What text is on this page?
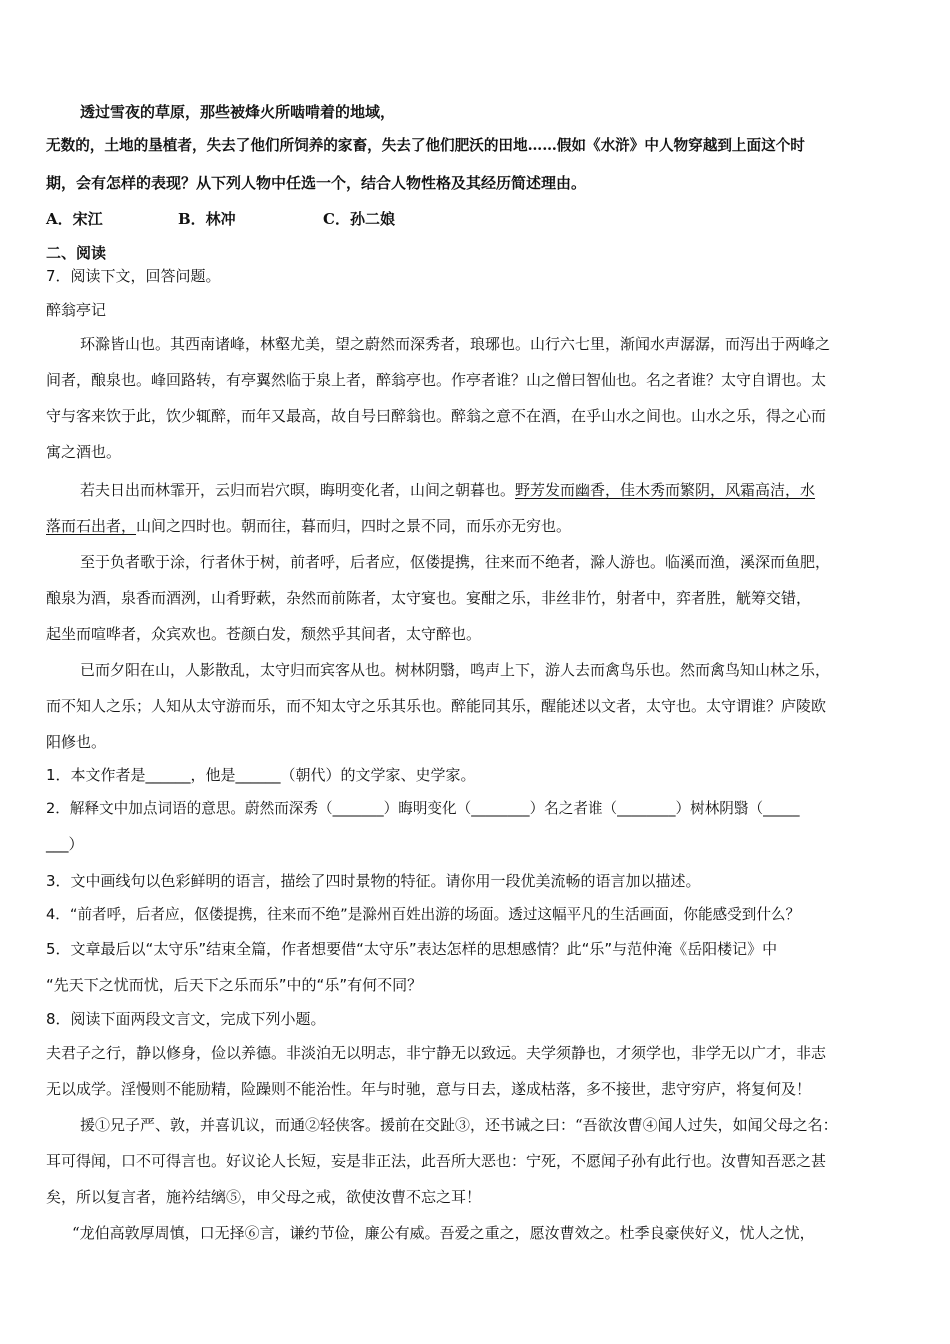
透过雪夜的草原，那些被烽火所啮啃着的地域，
无数的，土地的垦植者，失去了他们所饲养的家畜，失去了他们肥沃的田地……假如《水浒》中人物穿越到上面这个时
期，会有怎样的表现？从下列人物中任选一个，结合人物性格及其经历简述理由。
A．宋江	B．林冲	C．孙二娘
二、阅读
7．阅读下文，回答问题。
醉翁亭记
环滁皆山也。其西南诸峰，林壑尤美，望之蔚然而深秀者，琅琊也。山行六七里，渐闻水声潺潺，而泻出于两峰之
间者，酿泉也。峰回路转，有亭翼然临于泉上者，醉翁亭也。作亭者谁？山之僧曰智仙也。名之者谁？太守自谓也。太
守与客来饮于此，饮少辄醉，而年又最高，故自号曰醉翁也。醉翁之意不在酒，在乎山水之间也。山水之乐，得之心而
寓之酒也。
若夫日出而林霏开，云归而岩穴暝，晦明变化者，山间之朝暮也。野芳发而幽香，佳木秀而繁阴，风霜高洁，水
落而石出者，山间之四时也。朝而往，暮而归，四时之景不同，而乐亦无穷也。
至于负者歌于涂，行者休于树，前者呼，后者应，伛偻提携，往来而不绝者，滁人游也。临溪而渔，溪深而鱼肥，
酿泉为酒，泉香而酒洌，山肴野蔌，杂然而前陈者，太守宴也。宴酣之乐，非丝非竹，射者中，弈者胜，觥筹交错，
起坐而喧哗者，众宾欢也。苍颜白发，颓然乎其间者，太守醉也。
已而夕阳在山，人影散乱，太守归而宾客从也。树林阴翳，鸣声上下，游人去而禽鸟乐也。然而禽鸟知山林之乐，
而不知人之乐；人知从太守游而乐，而不知太守之乐其乐也。醉能同其乐，醒能述以文者，太守也。太守谓谁？庐陵欧
阳修也。
1．本文作者是______，他是______（朝代）的文学家、史学家。
2．解释文中加点词语的意思。蔚然而深秀（_______）晦明变化（________）名之者谁（________）树林阴翳（_____
___）
3．文中画线句以色彩鲜明的语言，描绘了四时景物的特征。请你用一段优美流畅的语言加以描述。
4．“前者呼，后者应，伛偻提携，往来而不绝”是滁州百姓出游的场面。透过这幅平凡的生活画面，你能感受到什么？
5．文章最后以“太守乐”结束全篇，作者想要借“太守乐”表达怎样的思想感情？此“乐”与范仲淹《岳阳楼记》中
“先天下之忧而忧，后天下之乐而乐”中的“乐”有何不同？
8．阅读下面两段文言文，完成下列小题。
夫君子之行，静以修身，俭以养德。非淡泊无以明志，非宁静无以致远。夫学须静也，才须学也，非学无以广才，非志
无以成学。淫慢则不能励精，险躁则不能治性。年与时驰，意与日去，遂成枯落，多不接世，悲守穷庐，将复何及！
援①兄子严、敦，并喜讥议，而通②轻侠客。援前在交趾③，还书诫之曰：“吾欲汝曹④闻人过失，如闻父母之名：
耳可得闻，口不可得言也。好议论人长短，妄是非正法，此吾所大恶也：宁死，不愿闻子孙有此行也。汝曹知吾恶之甚
矣，所以复言者，施衿结缡⑤，申父母之戒，欲使汝曹不忘之耳！
“龙伯高敦厚周慎，口无择⑥言，谦约节俭，廉公有威。吾爱之重之，愿汝曹效之。杜季良豪侠好义，忧人之忧，
